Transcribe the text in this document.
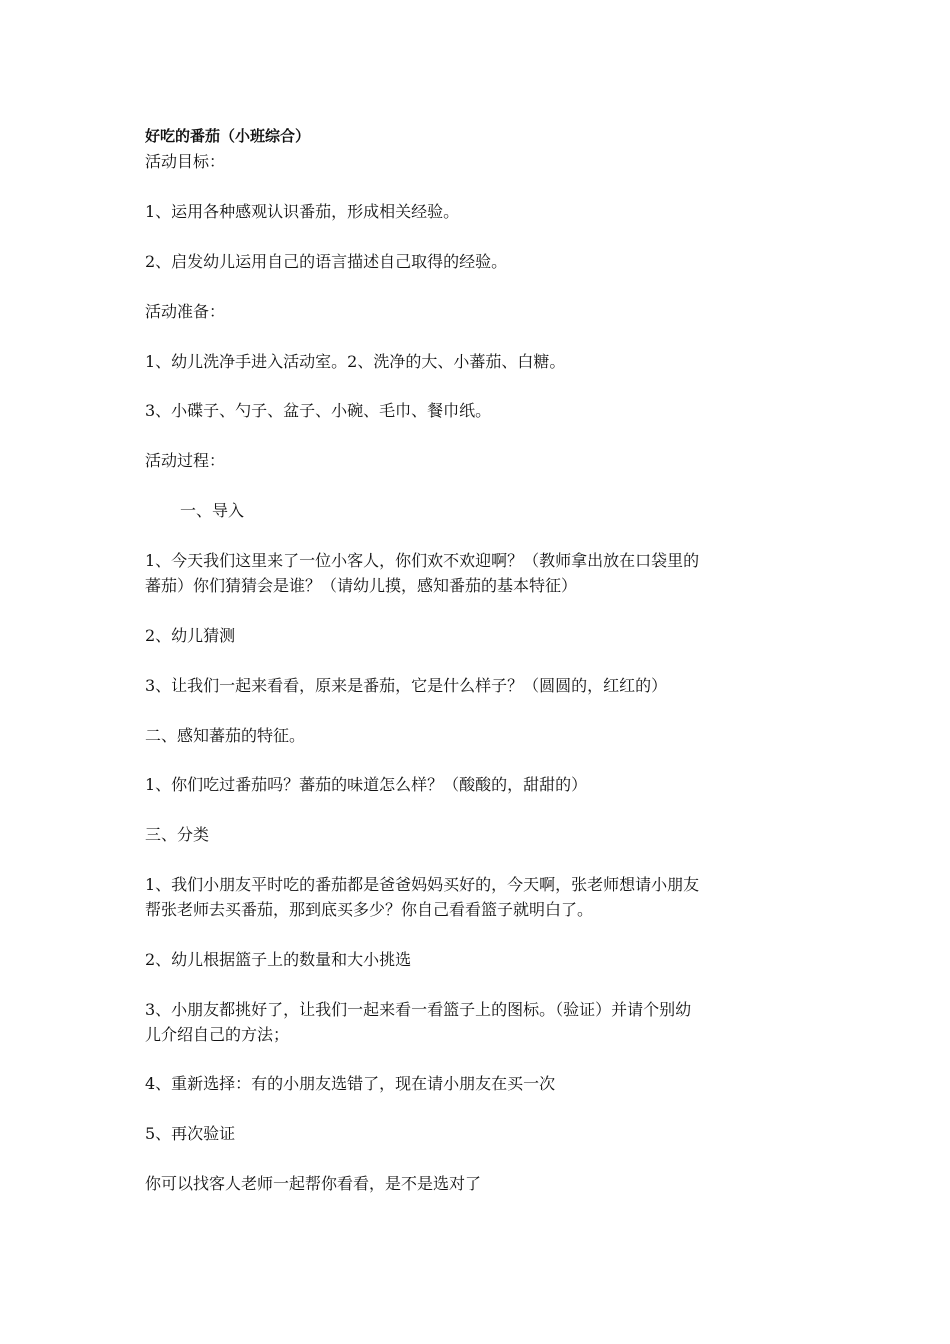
好吃的番茄（小班综合）
活动目标：
1、运用各种感观认识番茄，形成相关经验。
2、启发幼儿运用自己的语言描述自己取得的经验。
活动准备：
1、幼儿洗净手进入活动室。2、洗净的大、小蕃茄、白糖。
3、小碟子、勺子、盆子、小碗、毛巾、餐巾纸。
活动过程：
一、导入
1、今天我们这里来了一位小客人，你们欢不欢迎啊？（教师拿出放在口袋里的
蕃茄）你们猜猜会是谁？（请幼儿摸，感知番茄的基本特征）
2、幼儿猜测
3、让我们一起来看看，原来是番茄，它是什么样子？（圆圆的，红红的）
二、感知蕃茄的特征。
1、你们吃过番茄吗？蕃茄的味道怎么样？（酸酸的，甜甜的）
三、分类
1、我们小朋友平时吃的番茄都是爸爸妈妈买好的，今天啊，张老师想请小朋友
帮张老师去买番茄，那到底买多少？你自己看看篮子就明白了。
2、幼儿根据篮子上的数量和大小挑选
3、小朋友都挑好了，让我们一起来看一看篮子上的图标。（验证）并请个别幼
儿介绍自己的方法；
4、重新选择：有的小朋友选错了，现在请小朋友在买一次
5、再次验证
你可以找客人老师一起帮你看看，是不是选对了
